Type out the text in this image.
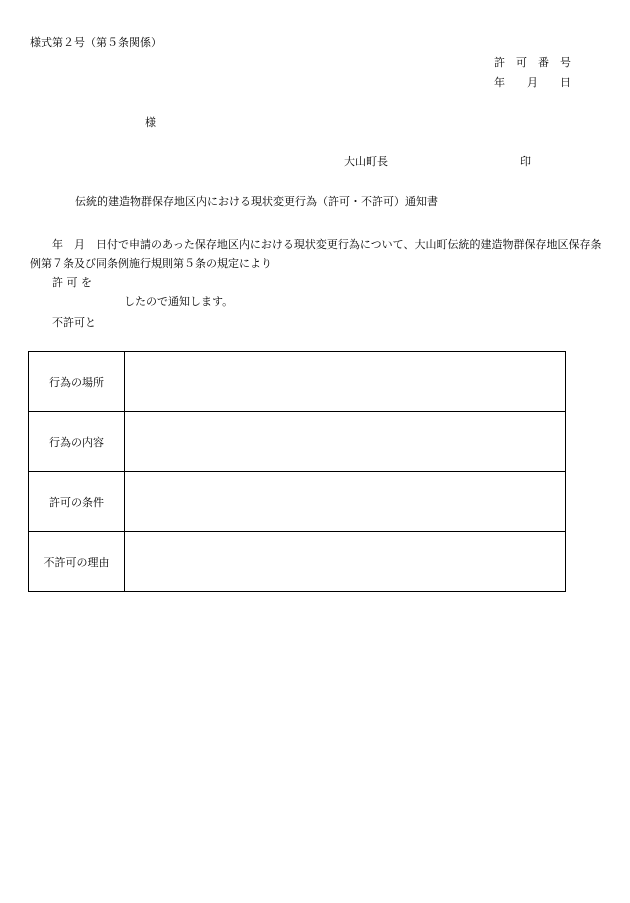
様式第２号（第５条関係）
許　可　番　号
年　　月　　日
様
大山町長	印
伝統的建造物群保存地区内における現状変更行為（許可・不許可）通知書
年　月　日付で申請のあった保存地区内における現状変更行為について、大山町伝統的建造物群保存地区保存条例第７条及び同条例施行規則第５条の規定により
許 可 を
したので通知します。
不許可と
行為の場所	
行為の内容	
許可の条件	
不許可の理由	
